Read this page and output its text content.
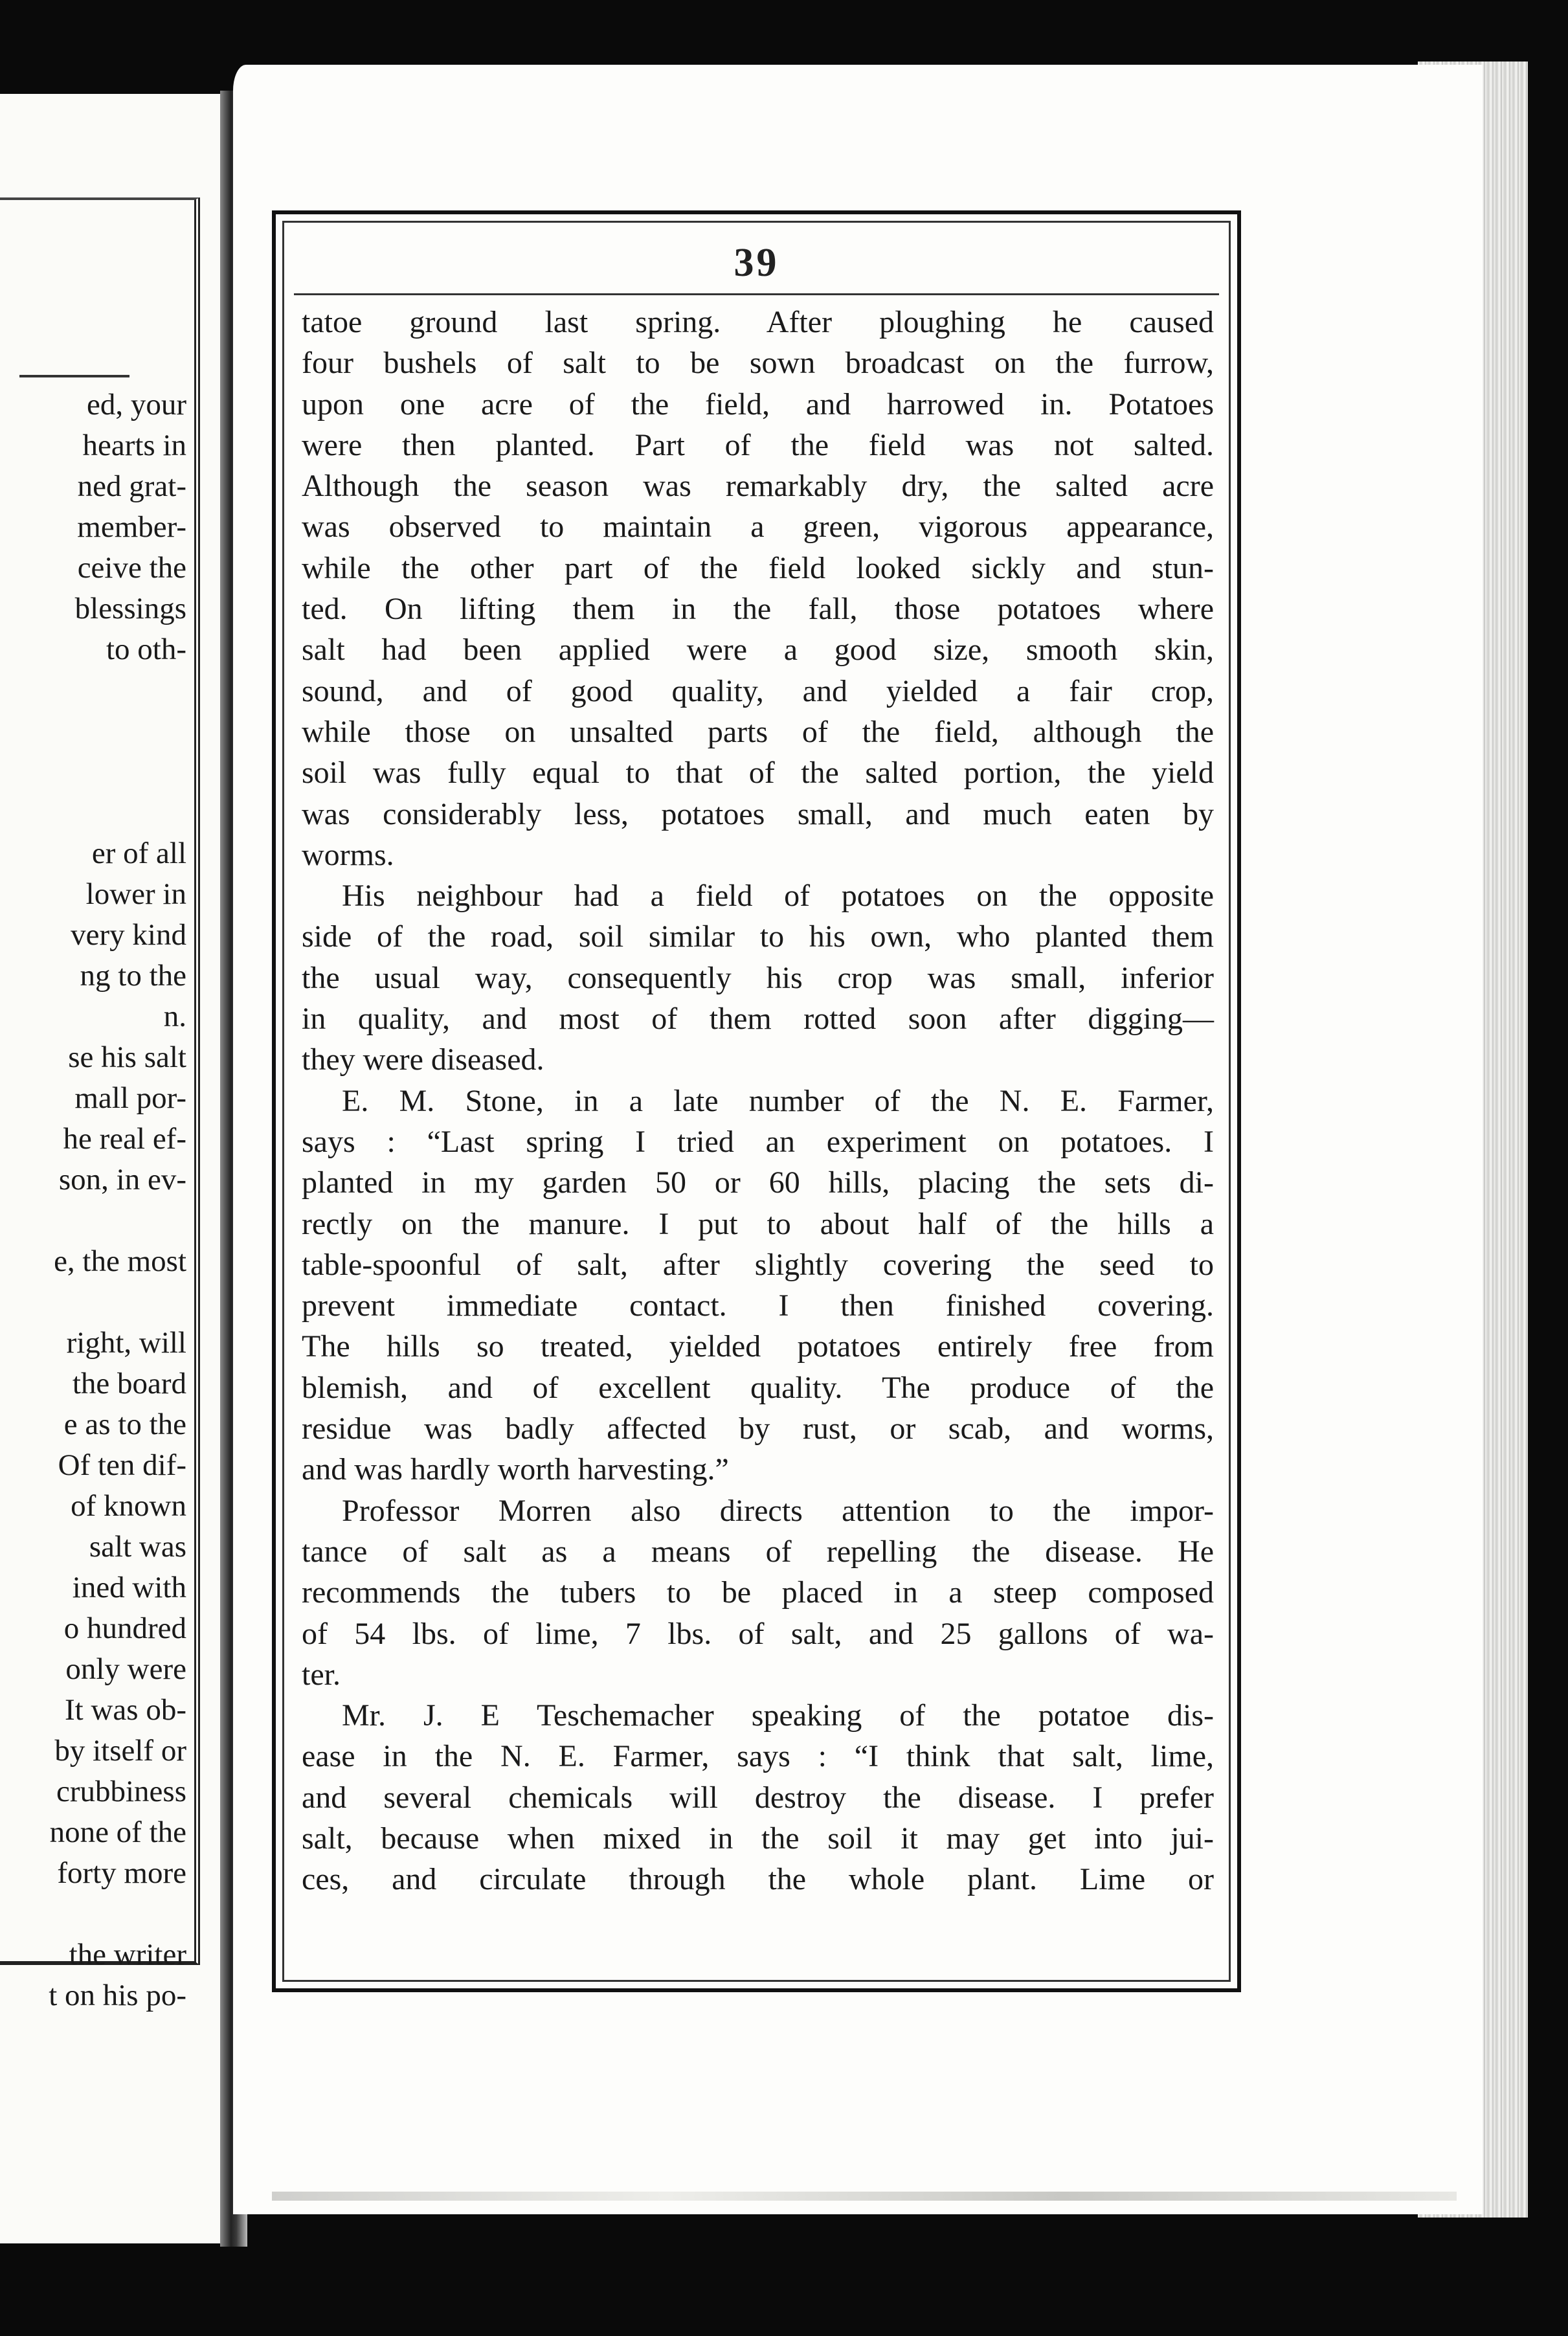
ed, your
hearts in
ned grat-
member-
ceive the
blessings
to oth-
er of all
lower in
very kind
ng to the
n.
se his salt
mall por-
he real ef-
son, in ev-
e, the most
right, will
the board
e as to the
Of ten dif-
of known
salt was
ined with
o hundred
only were
It was ob-
by itself or
crubbiness
none of the
forty more
the writer
t on his po-
39
tatoe ground last spring. After ploughing he caused
four bushels of salt to be sown broadcast on the furrow,
upon one acre of the field, and harrowed in. Potatoes
were then planted. Part of the field was not salted.
Although the season was remarkably dry, the salted acre
was observed to maintain a green, vigorous appearance,
while the other part of the field looked sickly and stun-
ted. On lifting them in the fall, those potatoes where
salt had been applied were a good size, smooth skin,
sound, and of good quality, and yielded a fair crop,
while those on unsalted parts of the field, although the
soil was fully equal to that of the salted portion, the yield
was considerably less, potatoes small, and much eaten by
worms.
His neighbour had a field of potatoes on the opposite
side of the road, soil similar to his own, who planted them
the usual way, consequently his crop was small, inferior
in quality, and most of them rotted soon after digging—
they were diseased.
E. M. Stone, in a late number of the N. E. Farmer,
says : “Last spring I tried an experiment on potatoes. I
planted in my garden 50 or 60 hills, placing the sets di-
rectly on the manure. I put to about half of the hills a
table-spoonful of salt, after slightly covering the seed to
prevent immediate contact. I then finished covering.
The hills so treated, yielded potatoes entirely free from
blemish, and of excellent quality. The produce of the
residue was badly affected by rust, or scab, and worms,
and was hardly worth harvesting.”
Professor Morren also directs attention to the impor-
tance of salt as a means of repelling the disease. He
recommends the tubers to be placed in a steep composed
of 54 lbs. of lime, 7 lbs. of salt, and 25 gallons of wa-
ter.
Mr. J. E Teschemacher speaking of the potatoe dis-
ease in the N. E. Farmer, says : “I think that salt, lime,
and several chemicals will destroy the disease. I prefer
salt, because when mixed in the soil it may get into jui-
ces, and circulate through the whole plant. Lime or
